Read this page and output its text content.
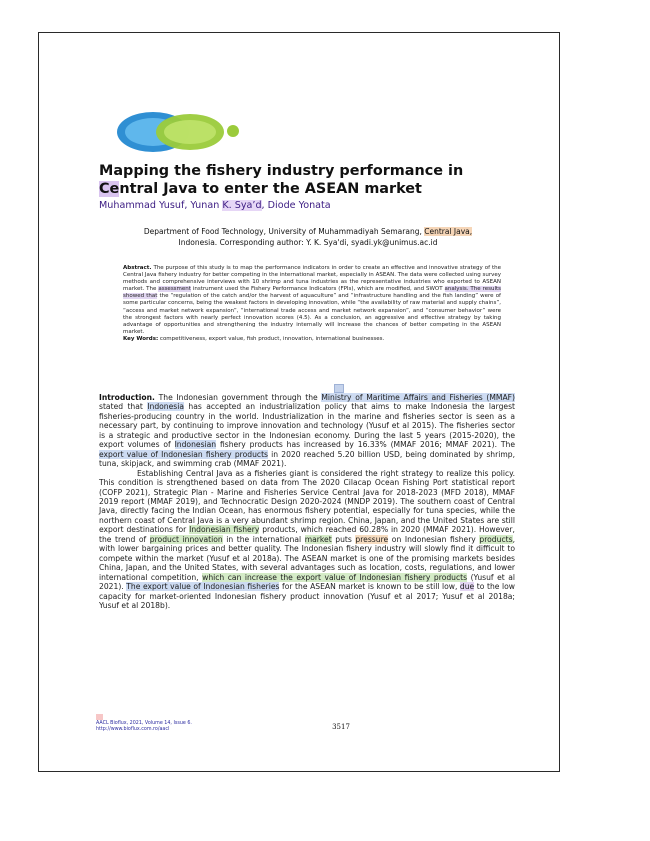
Mapping the fishery industry performance in
Central Java to enter the ASEAN market
Muhammad Yusuf, Yunan K. Sya’d, Diode Yonata
Department of Food Technology, University of Muhammadiyah Semarang, Central Java,
Indonesia. Corresponding author: Y. K. Sya'di, syadi.yk@unimus.ac.id
Abstract. The purpose of this study is to map the performance indicators in order to create an effective and innovative strategy of the Central Java fishery industry for better competing in the international market, especially in ASEAN. The data were collected using survey methods and comprehensive interviews with 10 shrimp and tuna industries as the representative industries who exported to ASEAN market. The assessment instrument used the Fishery Performance Indicators (FPIs), which are modified, and SWOT analysis. The results showed that the “regulation of the catch and/or the harvest of aquaculture” and “infrastructure handling and the fish landing” were of some particular concerns, being the weakest factors in developing innovation, while “the availability of raw material and supply chains”, “access and market network expansion”, “international trade access and market network expansion”, and “consumer behavior” were the strongest factors with nearly perfect innovation scores (4.5). As a conclusion, an aggressive and effective strategy by taking advantage of opportunities and strengthening the industry internally will increase the chances of better competing in the ASEAN market.
Key Words: competitiveness, export value, fish product, innovation, international businesses.

Introduction. The Indonesian government through the Ministry of Maritime Affairs and Fisheries (MMAF) stated that Indonesia has accepted an industrialization policy that aims to make Indonesia the largest fisheries-producing country in the world. Industrialization in the marine and fisheries sector is seen as a necessary part, by continuing to improve innovation and technology (Yusuf et al 2015). The fisheries sector is a strategic and productive sector in the Indonesian economy. During the last 5 years (2015-2020), the export volumes of Indonesian fishery products has increased by 16.33% (MMAF 2016; MMAF 2021). The export value of Indonesian fishery products in 2020 reached 5.20 billion USD, being dominated by shrimp, tuna, skipjack, and swimming crab (MMAF 2021).

Establishing Central Java as a fisheries giant is considered the right strategy to realize this policy. This condition is strengthened based on data from The 2020 Cilacap Ocean Fishing Port statistical report (COFP 2021), Strategic Plan - Marine and Fisheries Service Central Java for 2018-2023 (MFD 2018), MMAF 2019 report (MMAF 2019), and Technocratic Design 2020-2024 (MNDP 2019). The southern coast of Central Java, directly facing the Indian Ocean, has enormous fishery potential, especially for tuna species, while the northern coast of Central Java is a very abundant shrimp region. China, Japan, and the United States are still export destinations for Indonesian fishery products, which reached 60.28% in 2020 (MMAF 2021). However, the trend of product innovation in the international market puts pressure on Indonesian fishery products, with lower bargaining prices and better quality. The Indonesian fishery industry will slowly find it difficult to compete within the market (Yusuf et al 2018a). The ASEAN market is one of the promising markets besides China, Japan, and the United States, with several advantages such as location, costs, regulations, and lower international competition, which can increase the export value of Indonesian fishery products (Yusuf et al 2021). The export value of Indonesian fisheries for the ASEAN market is known to be still low, due to the low capacity for market-oriented Indonesian fishery product innovation (Yusuf et al 2017; Yusuf et al 2018a; Yusuf et al 2018b).

AACL Bioflux, 2021, Volume 14, Issue 6.
http://www.bioflux.com.ro/aacl	3517
